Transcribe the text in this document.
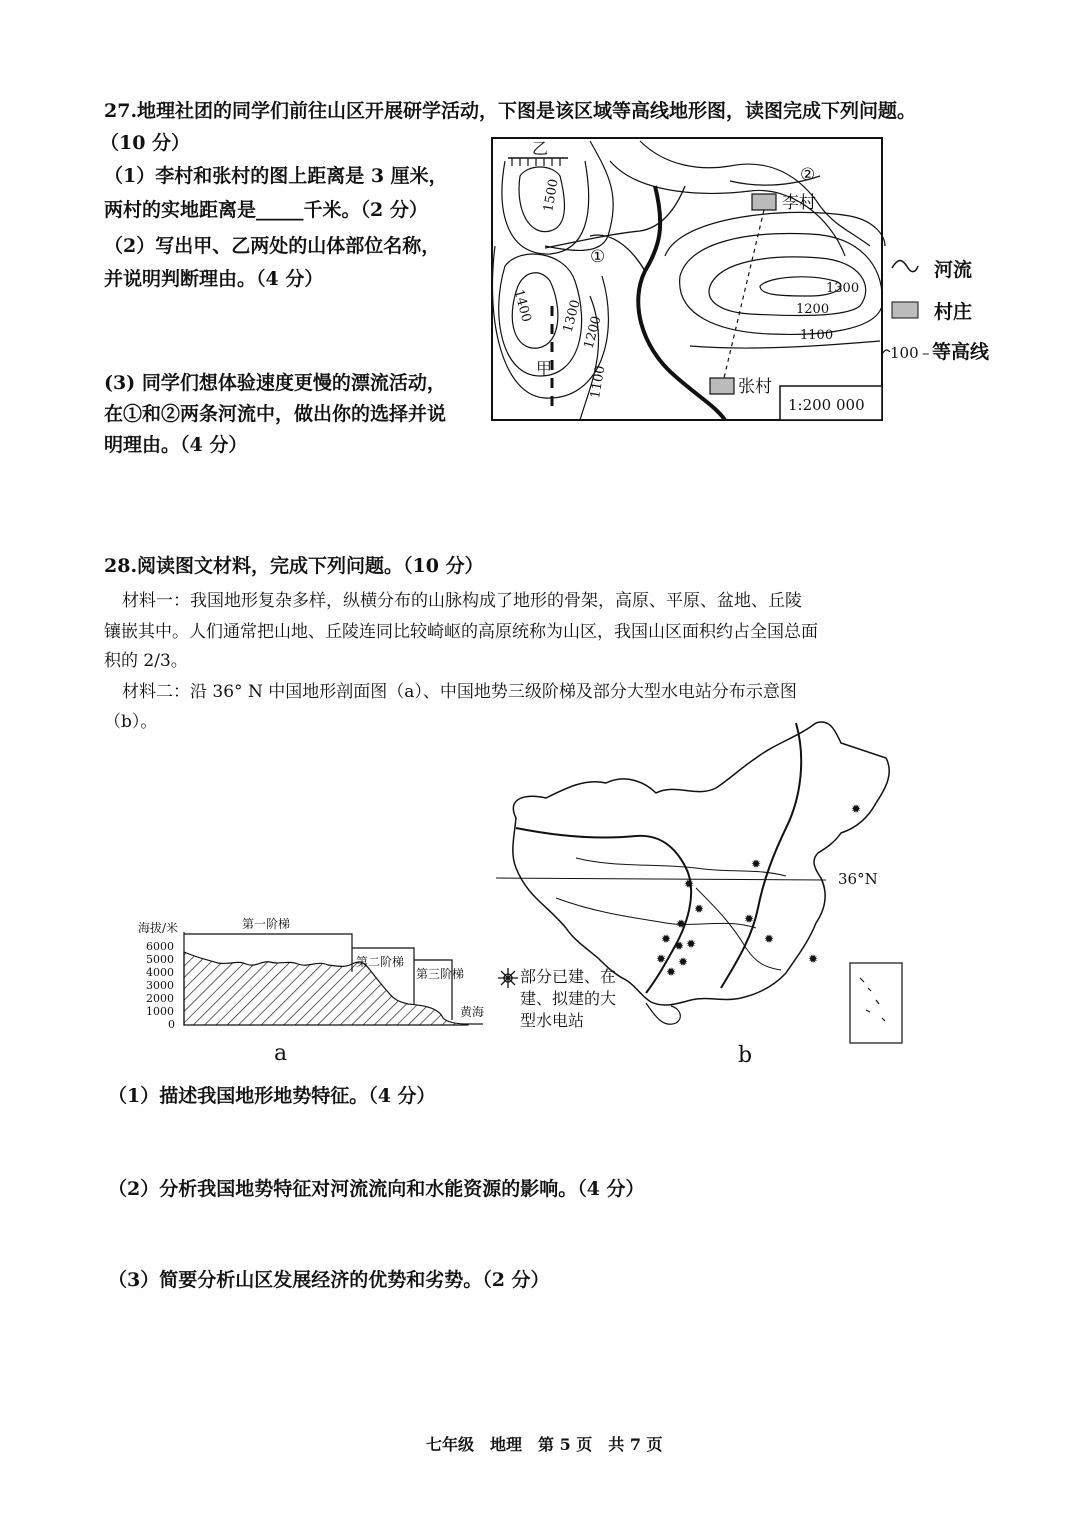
27.地理社团的同学们前往山区开展研学活动，下图是该区域等高线地形图，读图完成下列问题。
（10 分）
（1）李村和张村的图上距离是 3 厘米，
两村的实地距离是_____千米。（2 分）
（2）写出甲、乙两处的山体部位名称，
并说明判断理由。（4 分）
(3) 同学们想体验速度更慢的漂流活动，
在①和②两条河流中，做出你的选择并说
明理由。（4 分）
乙
1500
1400 1300
1200
1100
甲
①
1300
1200
1100
②
李村
张村
1:200 000
河流
村庄
100 – 等高线
28.阅读图文材料，完成下列问题。（10 分）
材料一：我国地形复杂多样，纵横分布的山脉构成了地形的骨架，高原、平原、盆地、丘陵
镶嵌其中。人们通常把山地、丘陵连同比较崎岖的高原统称为山区，我国山区面积约占全国总面
积的 2/3。
材料二：沿 36° N 中国地形剖面图（a）、中国地势三级阶梯及部分大型水电站分布示意图
（b）。
海拔/米
6000
5000
4000
3000
2000
1000
0
第一阶梯
第二阶梯
第三阶梯
黄海
a
部分已建、在
建、拟建的大
型水电站
36°N
✹
✹ ✹
✹
✹
✹
✹
✹
✹
✹
✹
✹
✹
✹
b
（1）描述我国地形地势特征。（4 分）
（2）分析我国地势特征对河流流向和水能资源的影响。（4 分）
（3）简要分析山区发展经济的优势和劣势。（2 分）
七年级　地理　第 5 页　共 7 页
